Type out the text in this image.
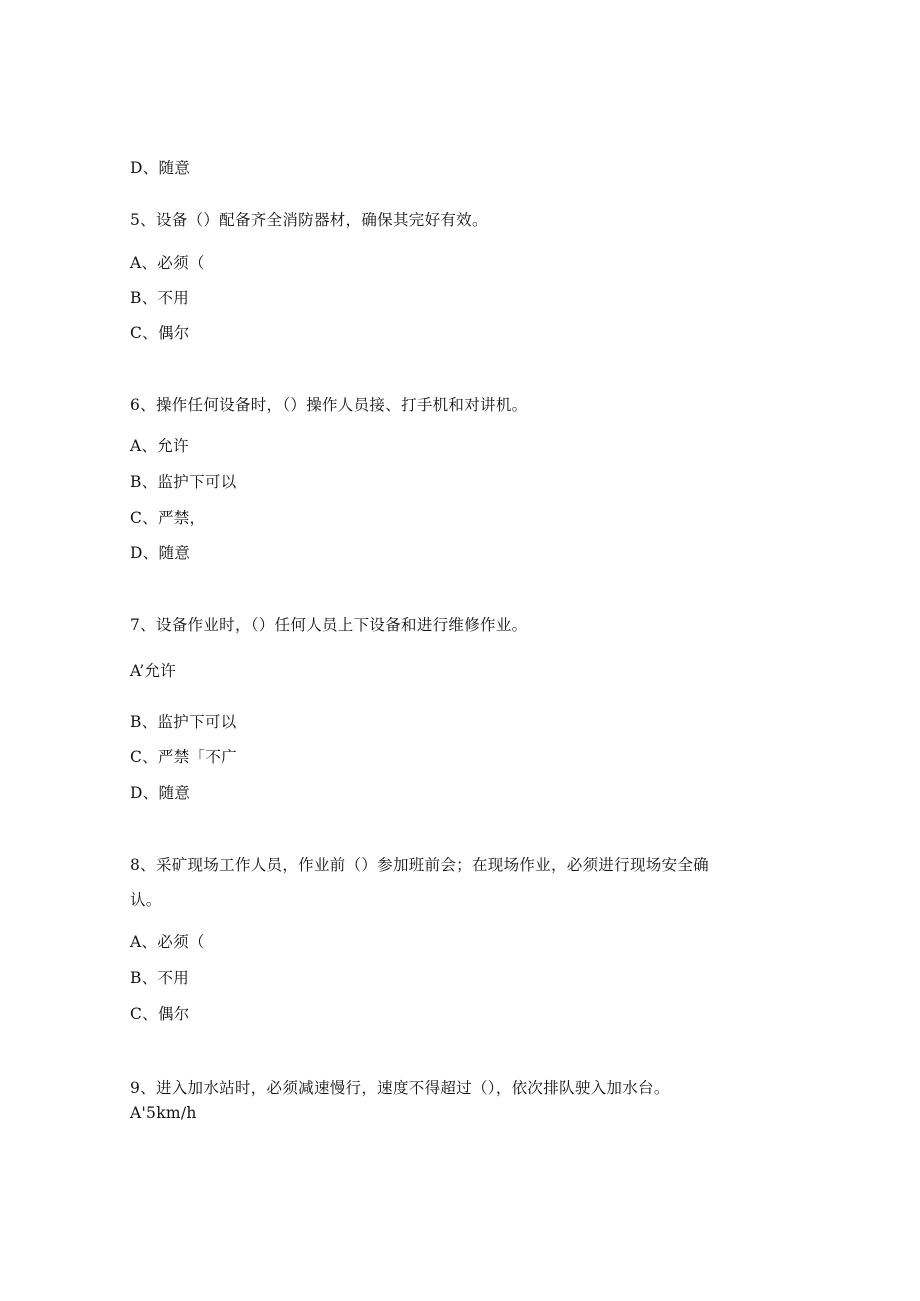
D、随意
5、设备（）配备齐全消防器材，确保其完好有效。
A、必须（
B、不用
C、偶尔
6、操作任何设备时，（）操作人员接、打手机和对讲机。
A、允许
B、监护下可以
C、严禁，
D、随意
7、设备作业时，（）任何人员上下设备和进行维修作业。
A’允许
B、监护下可以
C、严禁「不广
D、随意
8、采矿现场工作人员，作业前（）参加班前会；在现场作业，必须进行现场安全确
认。
A、必须（
B、不用
C、偶尔
9、进入加水站时，必须减速慢行，速度不得超过（），依次排队驶入加水台。
A'5km∕h
